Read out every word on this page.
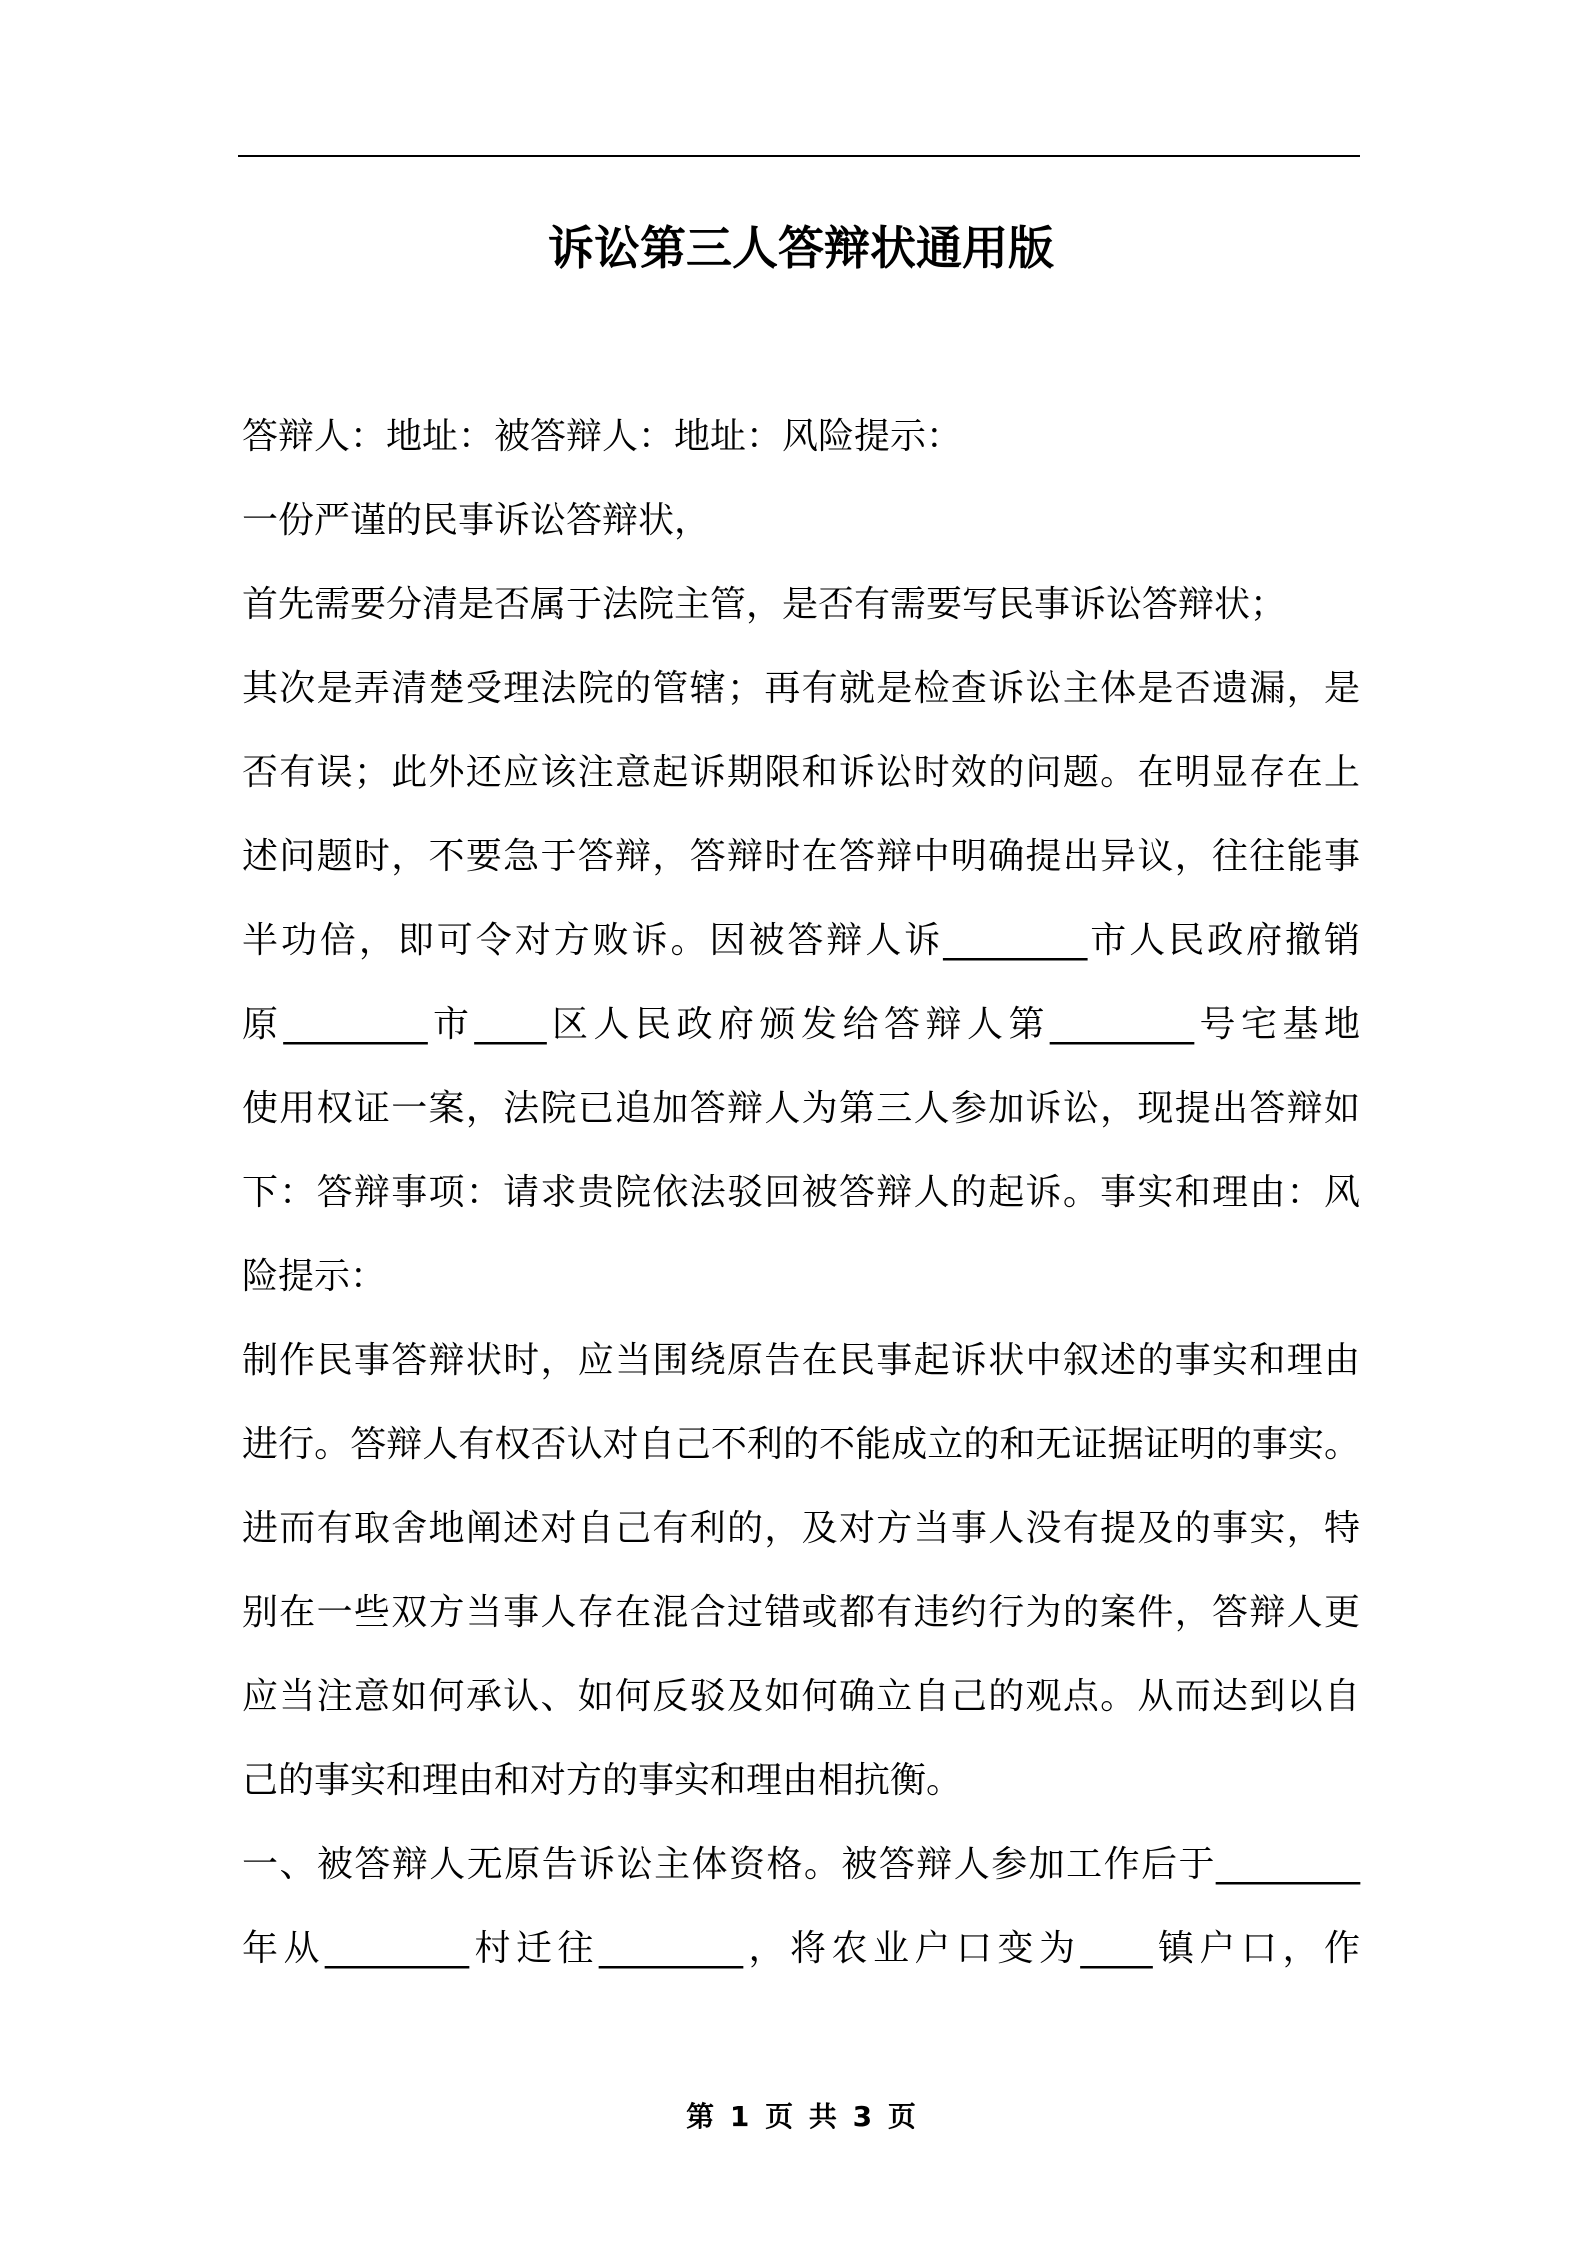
诉讼第三人答辩状通用版
答辩人：地址：被答辩人：地址：风险提示：
一份严谨的民事诉讼答辩状，
首先需要分清是否属于法院主管，是否有需要写民事诉讼答辩状；
其次是弄清楚受理法院的管辖；再有就是检查诉讼主体是否遗漏，是
否有误；此外还应该注意起诉期限和诉讼时效的问题。在明显存在上
述问题时，不要急于答辩，答辩时在答辩中明确提出异议，往往能事
半功倍，即可令对方败诉。因被答辩人诉________市人民政府撤销
原________市____区人民政府颁发给答辩人第________号宅基地
使用权证一案，法院已追加答辩人为第三人参加诉讼，现提出答辩如
下：答辩事项：请求贵院依法驳回被答辩人的起诉。事实和理由：风
险提示：
制作民事答辩状时，应当围绕原告在民事起诉状中叙述的事实和理由
进行。答辩人有权否认对自己不利的不能成立的和无证据证明的事实。
进而有取舍地阐述对自己有利的，及对方当事人没有提及的事实，特
别在一些双方当事人存在混合过错或都有违约行为的案件，答辩人更
应当注意如何承认、如何反驳及如何确立自己的观点。从而达到以自
己的事实和理由和对方的事实和理由相抗衡。
一、被答辩人无原告诉讼主体资格。被答辩人参加工作后于________
年从________村迁往________，将农业户口变为____镇户口，作
第 1 页 共 3 页
